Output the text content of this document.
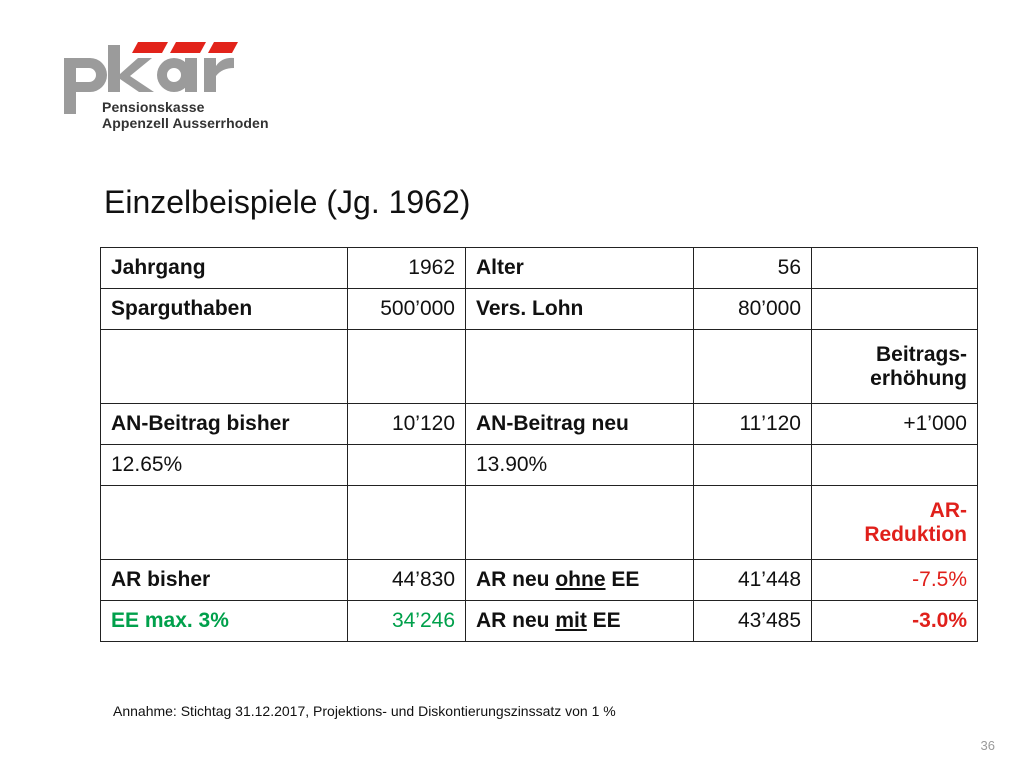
Pensionskasse
Appenzell Ausserrhoden
Einzelbeispiele (Jg. 1962)
Jahrgang	1962	Alter	56	
Sparguthaben	500’000	Vers. Lohn	80’000	
				Beitrags-
erhöhung
AN-Beitrag bisher	10’120	AN-Beitrag neu	11’120	+1’000
12.65%		13.90%		
				AR-
Reduktion
AR bisher	44’830	AR neu ohne EE	41’448	-7.5%
EE max. 3%	34’246	AR neu mit EE	43’485	-3.0%
Annahme: Stichtag 31.12.2017, Projektions- und Diskontierungszinssatz von 1 %
36
